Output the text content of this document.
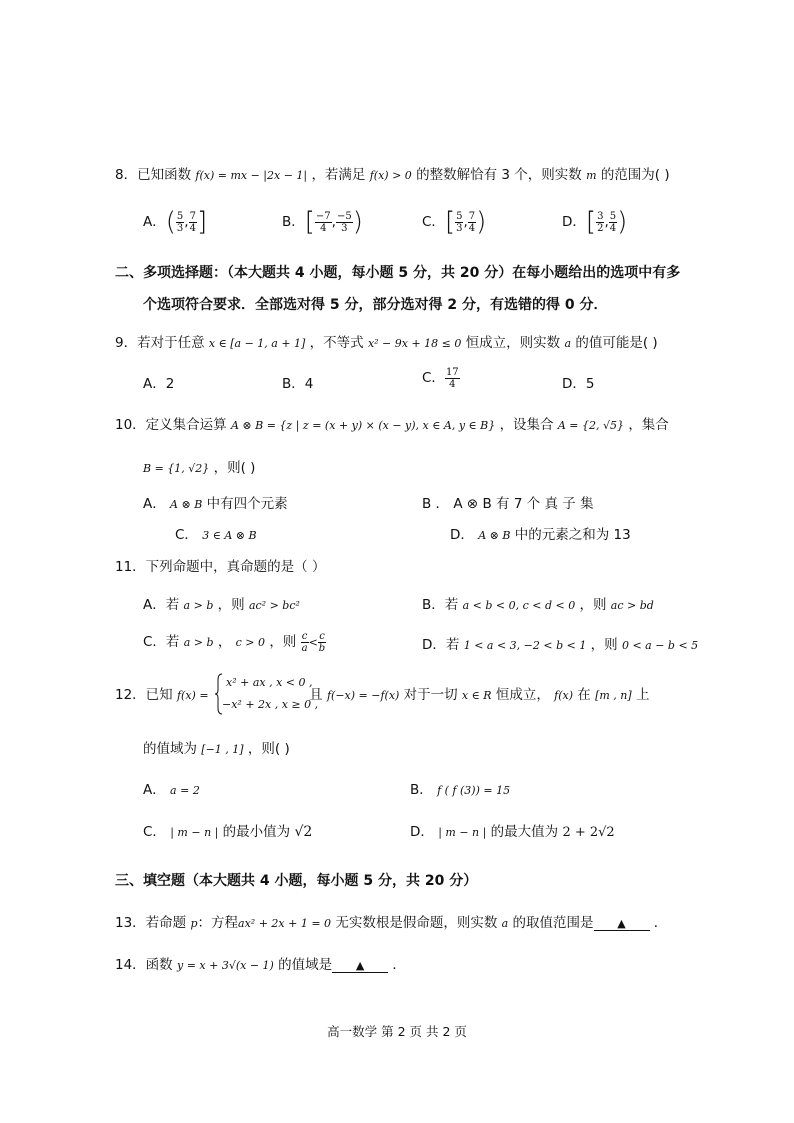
8．已知函数 f(x) = mx − |2x − 1| ，若满足 f(x) > 0 的整数解恰有 3 个，则实数 m 的范围为( )
A．( $\frac{5}{3}$ , $\frac{7}{4}$ ]	B．[ $\frac{-7}{4}$ , $\frac{-5}{3}$ )	C．[ $\frac{5}{3}$ , $\frac{7}{4}$ )	D．[ $\frac{3}{2}$ , $\frac{5}{4}$ )
二、多项选择题：（本大题共 4 小题，每小题 5 分，共 20 分）在每小题给出的选项中有多
个选项符合要求．全部选对得 5 分，部分选对得 2 分，有选错的得 0 分．
9．若对于任意 x ∈ [a − 1, a + 1] ，不等式 x² − 9x + 18 ≤ 0 恒成立，则实数 a 的值可能是( )
A．2	B．4	C． $\frac{17}{4}$	D．5
10．定义集合运算 A ⊗ B = {z | z = (x + y) × (x − y), x ∈ A, y ∈ B} ，设集合 A = {2, √5} ，集合
B = {1, √2} ，则( )
A． A ⊗ B 中有四个元素	B ． A ⊗ B 有 7 个 真 子 集
C． 3 ∈ A ⊗ B	D． A ⊗ B 中的元素之和为 13
11．下列命题中，真命题的是（ ）
A．若 a > b ，则 ac² > bc²	B．若 a < b < 0, c < d < 0 ，则 ac > bd
C．若 a > b ， c > 0 ，则 $\frac{c}{a} < \frac{c}{b}$	D．若 1 < a < 3, −2 < b < 1 ，则 0 < a − b < 5
12．已知 f(x) =	且 f(−x) = −f(x) 对于一切 x ∈ R 恒成立， f(x) 在 [m , n] 上
x² + ax , x < 0 ,
−x² + 2x , x ≥ 0 ,
的值域为 [−1 , 1] ，则( )
A． a = 2	B． f ( f (3)) = 15
C． | m − n | 的最小值为 √2	D． | m − n | 的最大值为 2 + 2√2
三、填空题（本大题共 4 小题，每小题 5 分，共 20 分）
13．若命题 p：方程ax² + 2x + 1 = 0 无实数根是假命题，则实数 a 的取值范围是 ▲ ．
14．函数 y = x + 3√(x − 1) 的值域是 ▲ ．
高一数学 第 2 页 共 2 页
